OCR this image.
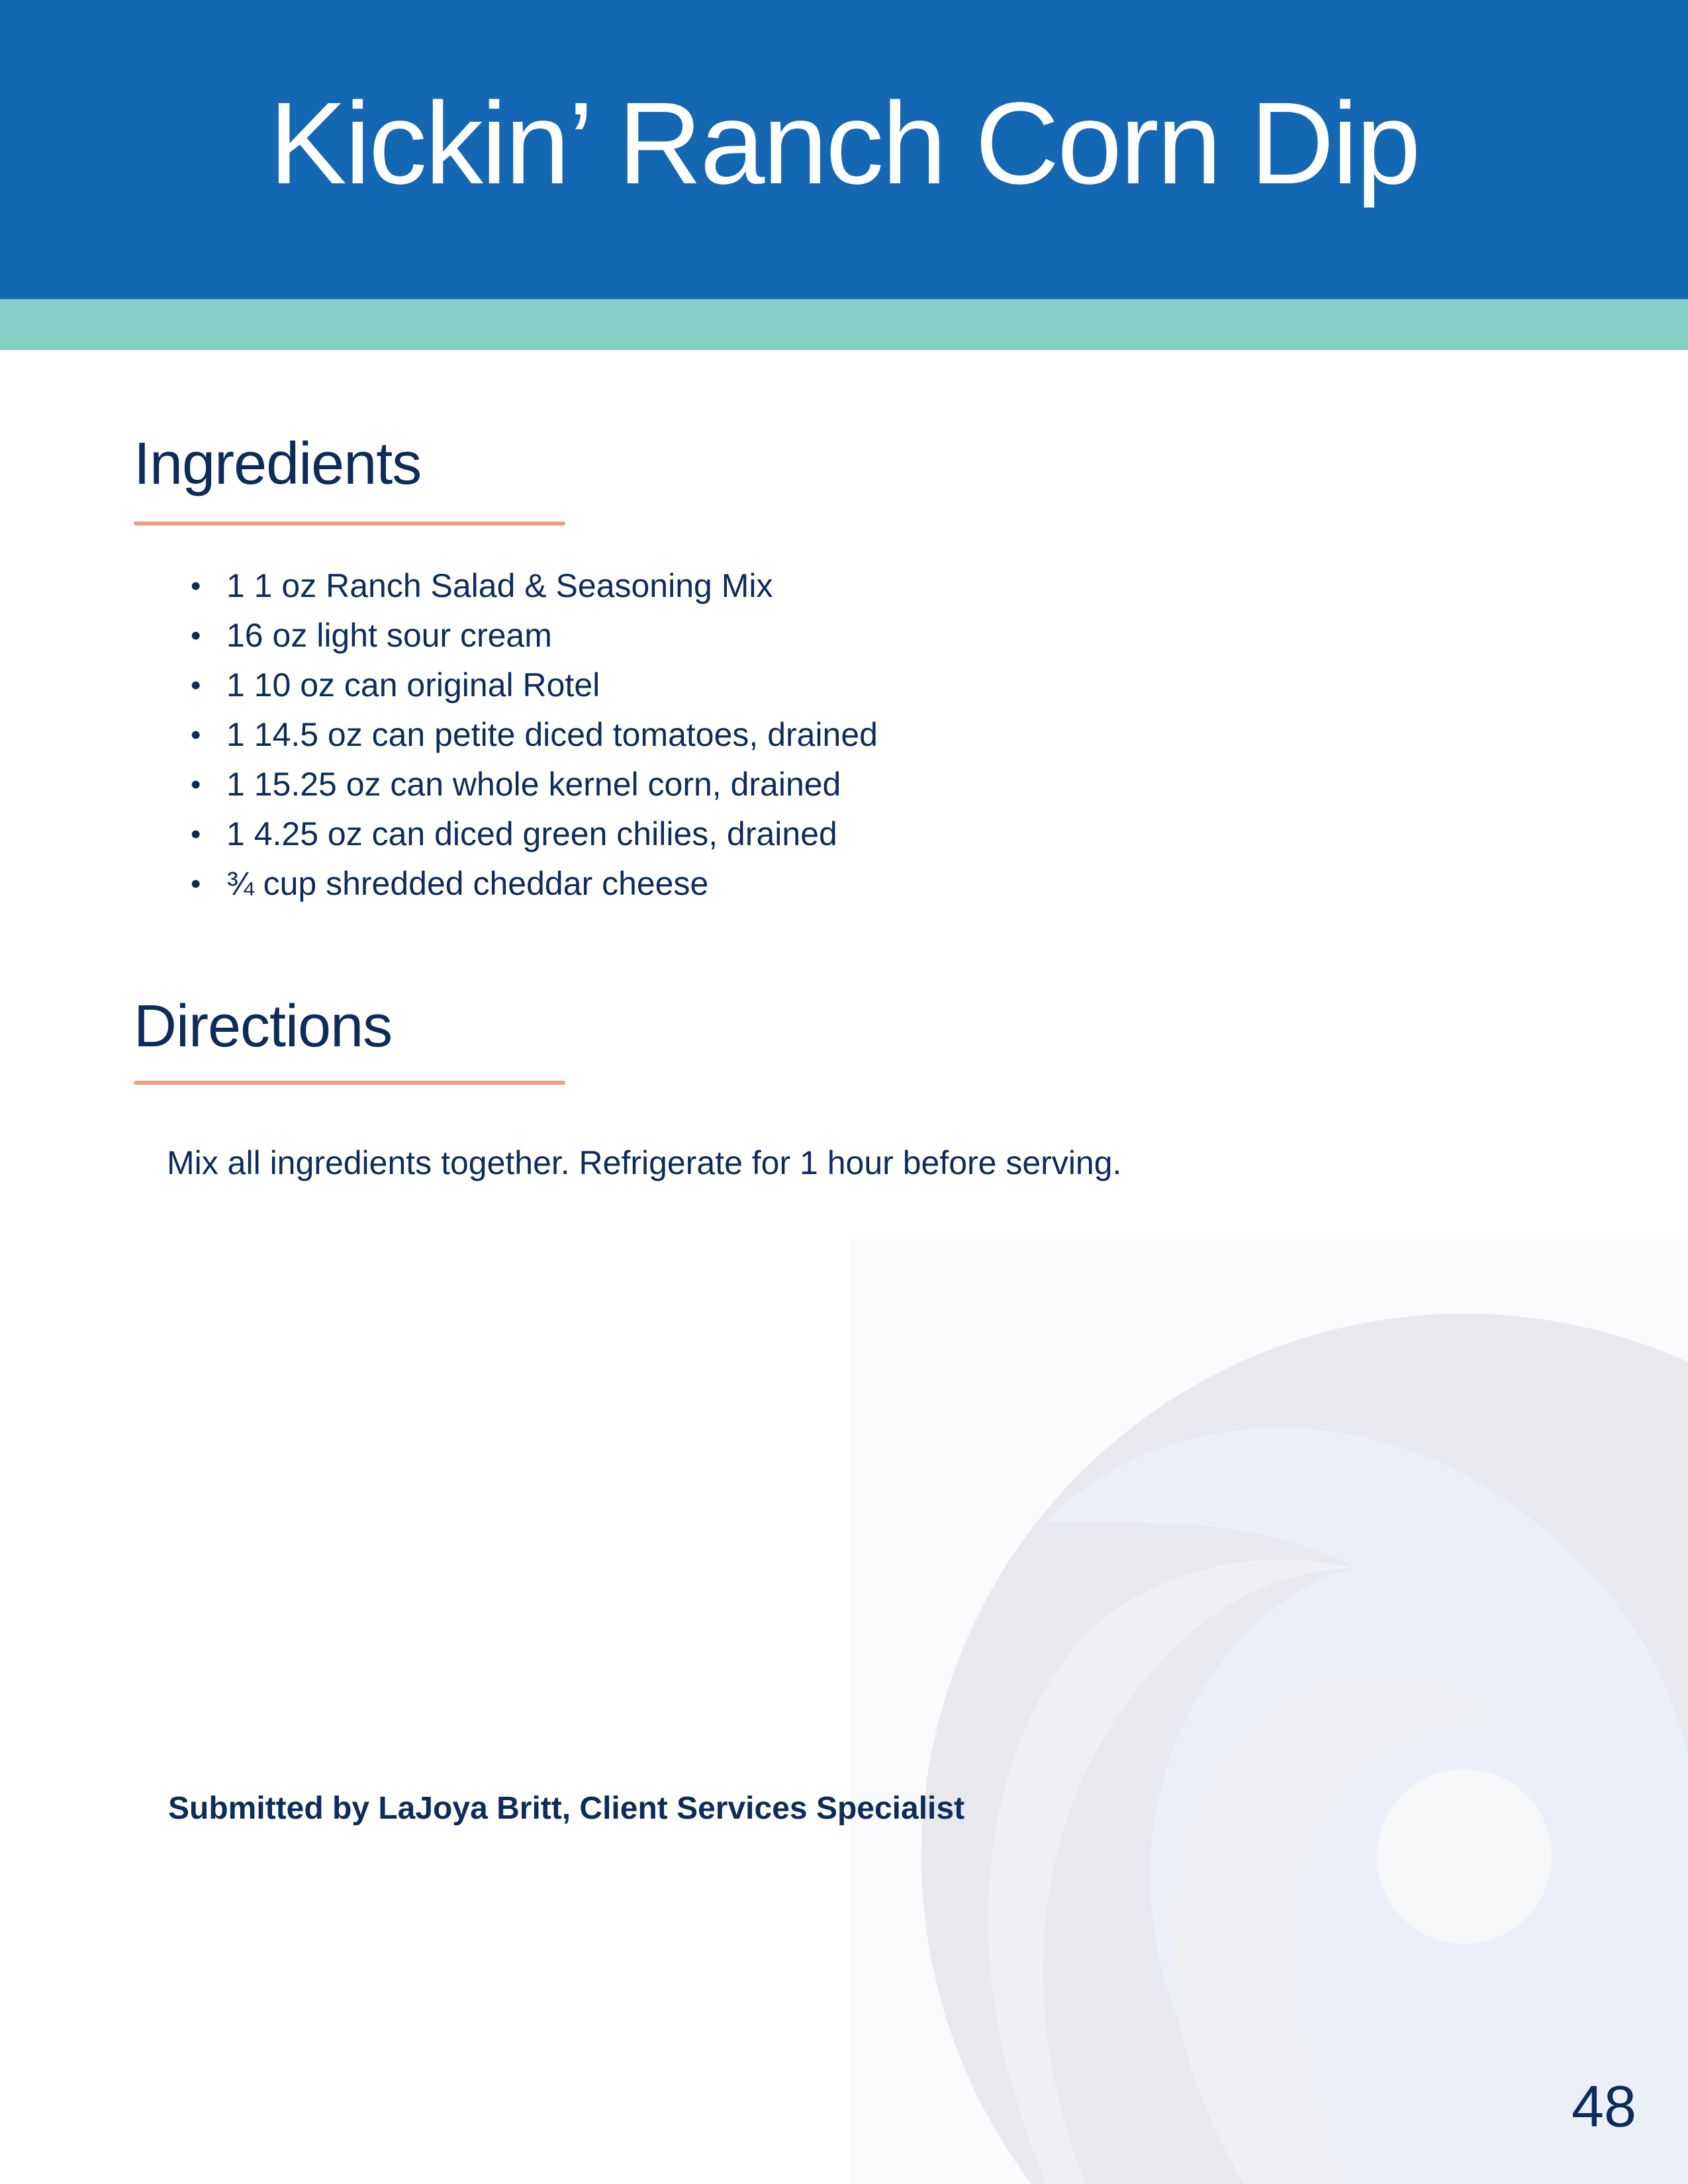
Kickin’ Ranch Corn Dip
Ingredients
• 1 1 oz Ranch Salad & Seasoning Mix
• 16 oz light sour cream
• 1 10 oz can original Rotel
• 1 14.5 oz can petite diced tomatoes, drained
• 1 15.25 oz can whole kernel corn, drained
• 1 4.25 oz can diced green chilies, drained
• ¾ cup shredded cheddar cheese
Directions

Mix all ingredients together. Refrigerate for 1 hour before serving.

Submitted by LaJoya Britt, Client Services Specialist

48
